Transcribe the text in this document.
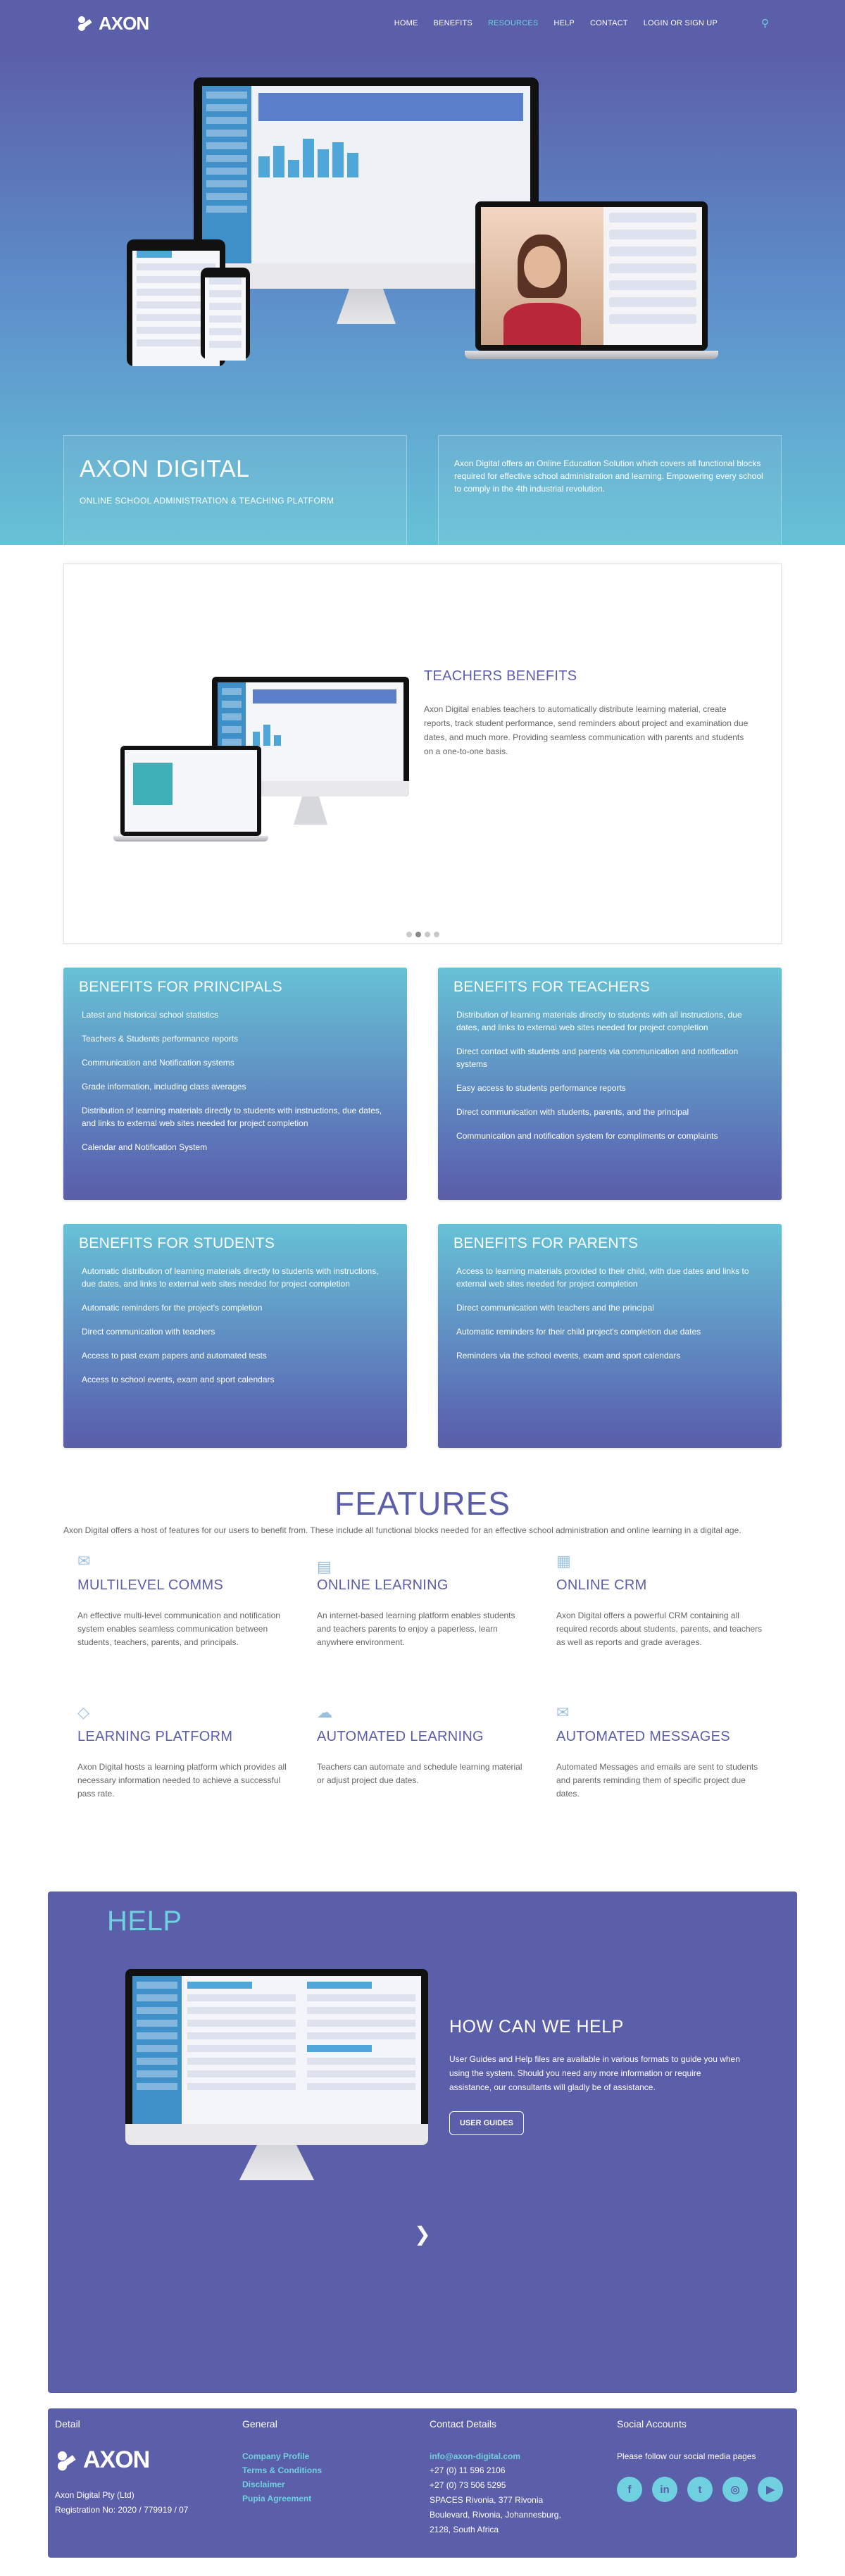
AXON	HOME BENEFITS RESOURCES HELP CONTACT LOGIN OR SIGN UP	⚲
AXON DIGITAL
ONLINE SCHOOL ADMINISTRATION & TEACHING PLATFORM
Axon Digital offers an Online Education Solution which covers all functional blocks required for effective school administration and learning. Empowering every school to comply in the 4th industrial revolution.
TEACHERS BENEFITS
Axon Digital enables teachers to automatically distribute learning material, create reports, track student performance, send reminders about project and examination due dates, and much more. Providing seamless communication with parents and students on a one-to-one basis.
BENEFITS FOR PRINCIPALS
Latest and historical school statistics
Teachers & Students performance reports
Communication and Notification systems
Grade information, including class averages
Distribution of learning materials directly to students with instructions, due dates, and links to external web sites needed for project completion
Calendar and Notification System
BENEFITS FOR TEACHERS
Distribution of learning materials directly to students with all instructions, due dates, and links to external web sites needed for project completion
Direct contact with students and parents via communication and notification systems
Easy access to students performance reports
Direct communication with students, parents, and the principal
Communication and notification system for compliments or complaints
BENEFITS FOR STUDENTS
Automatic distribution of learning materials directly to students with instructions, due dates, and links to external web sites needed for project completion
Automatic reminders for the project's completion
Direct communication with teachers
Access to past exam papers and automated tests
Access to school events, exam and sport calendars
BENEFITS FOR PARENTS
Access to learning materials provided to their child, with due dates and links to external web sites needed for project completion
Direct communication with teachers and the principal
Automatic reminders for their child project's completion due dates
Reminders via the school events, exam and sport calendars
FEATURES

Axon Digital offers a host of features for our users to benefit from. These include all functional blocks needed for an effective school administration and online learning in a digital age.

✉
MULTILEVEL COMMS

An effective multi-level communication and notification system enables seamless communication between students, teachers, parents, and principals.

▤
ONLINE LEARNING

An internet-based learning platform enables students and teachers parents to enjoy a paperless, learn anywhere environment.

▦
ONLINE CRM

Axon Digital offers a powerful CRM containing all required records about students, parents, and teachers as well as reports and grade averages.

◇
LEARNING PLATFORM

Axon Digital hosts a learning platform which provides all necessary information needed to achieve a successful pass rate.

☁
AUTOMATED LEARNING

Teachers can automate and schedule learning material or adjust project due dates.

✉
AUTOMATED MESSAGES

Automated Messages and emails are sent to students and parents reminding them of specific project due dates.

HELP
HOW CAN WE HELP
User Guides and Help files are available in various formats to guide you when using the system. Should you need any more information or require assistance, our consultants will gladly be of assistance.
USER GUIDES
❯
Detail
AXON
Axon Digital Pty (Ltd)
Registration No: 2020 / 779919 / 07
General
Company Profile
Terms & Conditions
Disclaimer
Pupia Agreement
Contact Details
info@axon-digital.com
+27 (0) 11 596 2106
+27 (0) 73 506 5295
SPACES Rivonia, 377 Rivonia
Boulevard, Rivonia, Johannesburg,
2128, South Africa
Social Accounts
Please follow our social media pages
f	in	t	◎	▶
